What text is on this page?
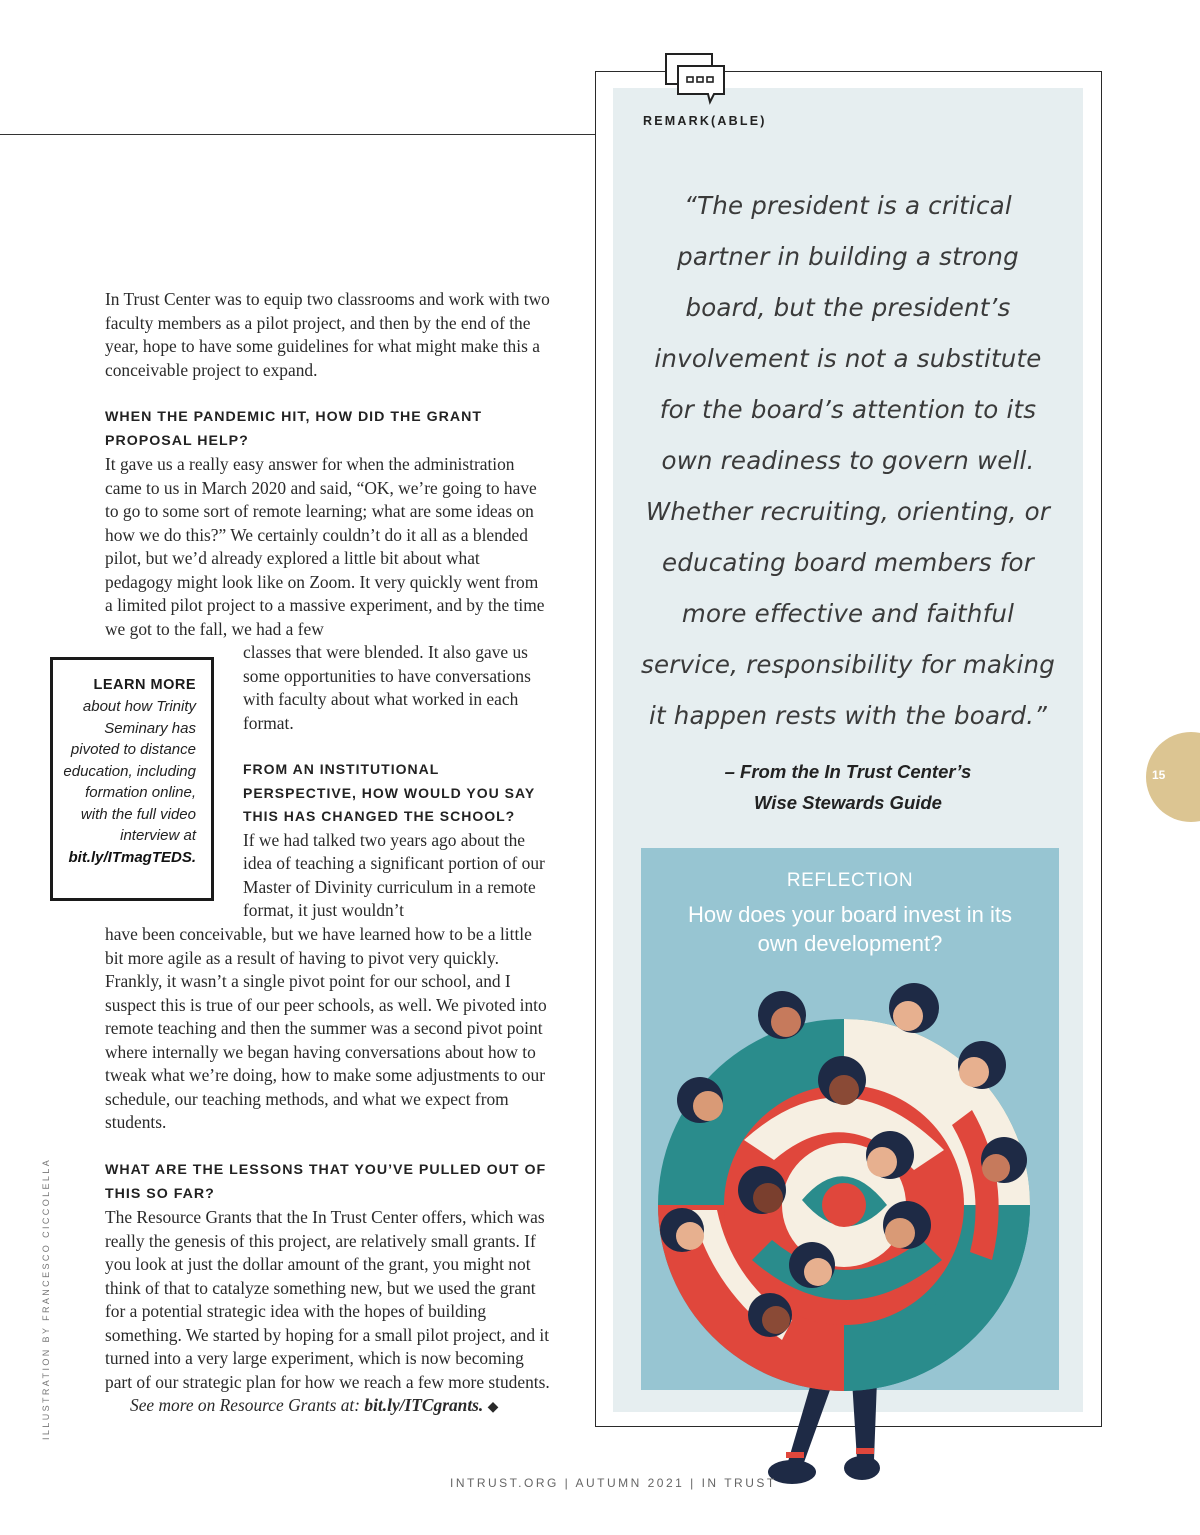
In Trust Center was to equip two classrooms and work with two faculty members as a pilot project, and then by the end of the year, hope to have some guidelines for what might make this a conceivable project to expand.

WHEN THE PANDEMIC HIT, HOW DID THE GRANT PROPOSAL HELP?

It gave us a really easy answer for when the administration came to us in March 2020 and said, “OK, we’re going to have to go to some sort of remote learning; what are some ideas on how we do this?” We certainly couldn’t do it all as a blended pilot, but we’d already explored a little bit about what pedagogy might look like on Zoom. It very quickly went from a limited pilot project to a massive experiment, and by the time we got to the fall, we had a few

classes that were blended. It also gave us some opportunities to have conversations with faculty about what worked in each format.

FROM AN INSTITUTIONAL PERSPECTIVE, HOW WOULD YOU SAY THIS HAS CHANGED THE SCHOOL?

If we had talked two years ago about the idea of teaching a significant portion of our Master of Divinity curriculum in a remote format, it just wouldn’t

have been conceivable, but we have learned how to be a little bit more agile as a result of having to pivot very quickly. Frankly, it wasn’t a single pivot point for our school, and I suspect this is true of our peer schools, as well. We pivoted into remote teaching and then the summer was a second pivot point where internally we began having conversations about how to tweak what we’re doing, how to make some adjustments to our schedule, our teaching methods, and what we expect from students.

WHAT ARE THE LESSONS THAT YOU’VE PULLED OUT OF THIS SO FAR?

The Resource Grants that the In Trust Center offers, which was really the genesis of this project, are relatively small grants. If you look at just the dollar amount of the grant, you might not think of that to catalyze something new, but we used the grant for a potential strategic idea with the hopes of building something. We started by hoping for a small pilot project, and it turned into a very large experiment, which is now becoming part of our strategic plan for how we reach a few more students.

See more on Resource Grants at: bit.ly/ITCgrants. ◆

LEARN MORE
about how Trinity Seminary has pivoted to distance education, including formation online, with the full video interview at
bit.ly/ITmagTEDS.
ILLUSTRATION BY FRANCESCO CICCOLELLA
REMARK(ABLE)
“The president is a critical partner in building a strong board, but the president’s involvement is not a substitute for the board’s attention to its own readiness to govern well. Whether recruiting, orienting, or educating board members for more effective and faithful service, responsibility for making it happen rests with the board.”
– From the In Trust Center’s
Wise Stewards Guide
REFLECTION
How does your board invest in its own development?
15
INTRUST.ORG | AUTUMN 2021 | IN TRUST
